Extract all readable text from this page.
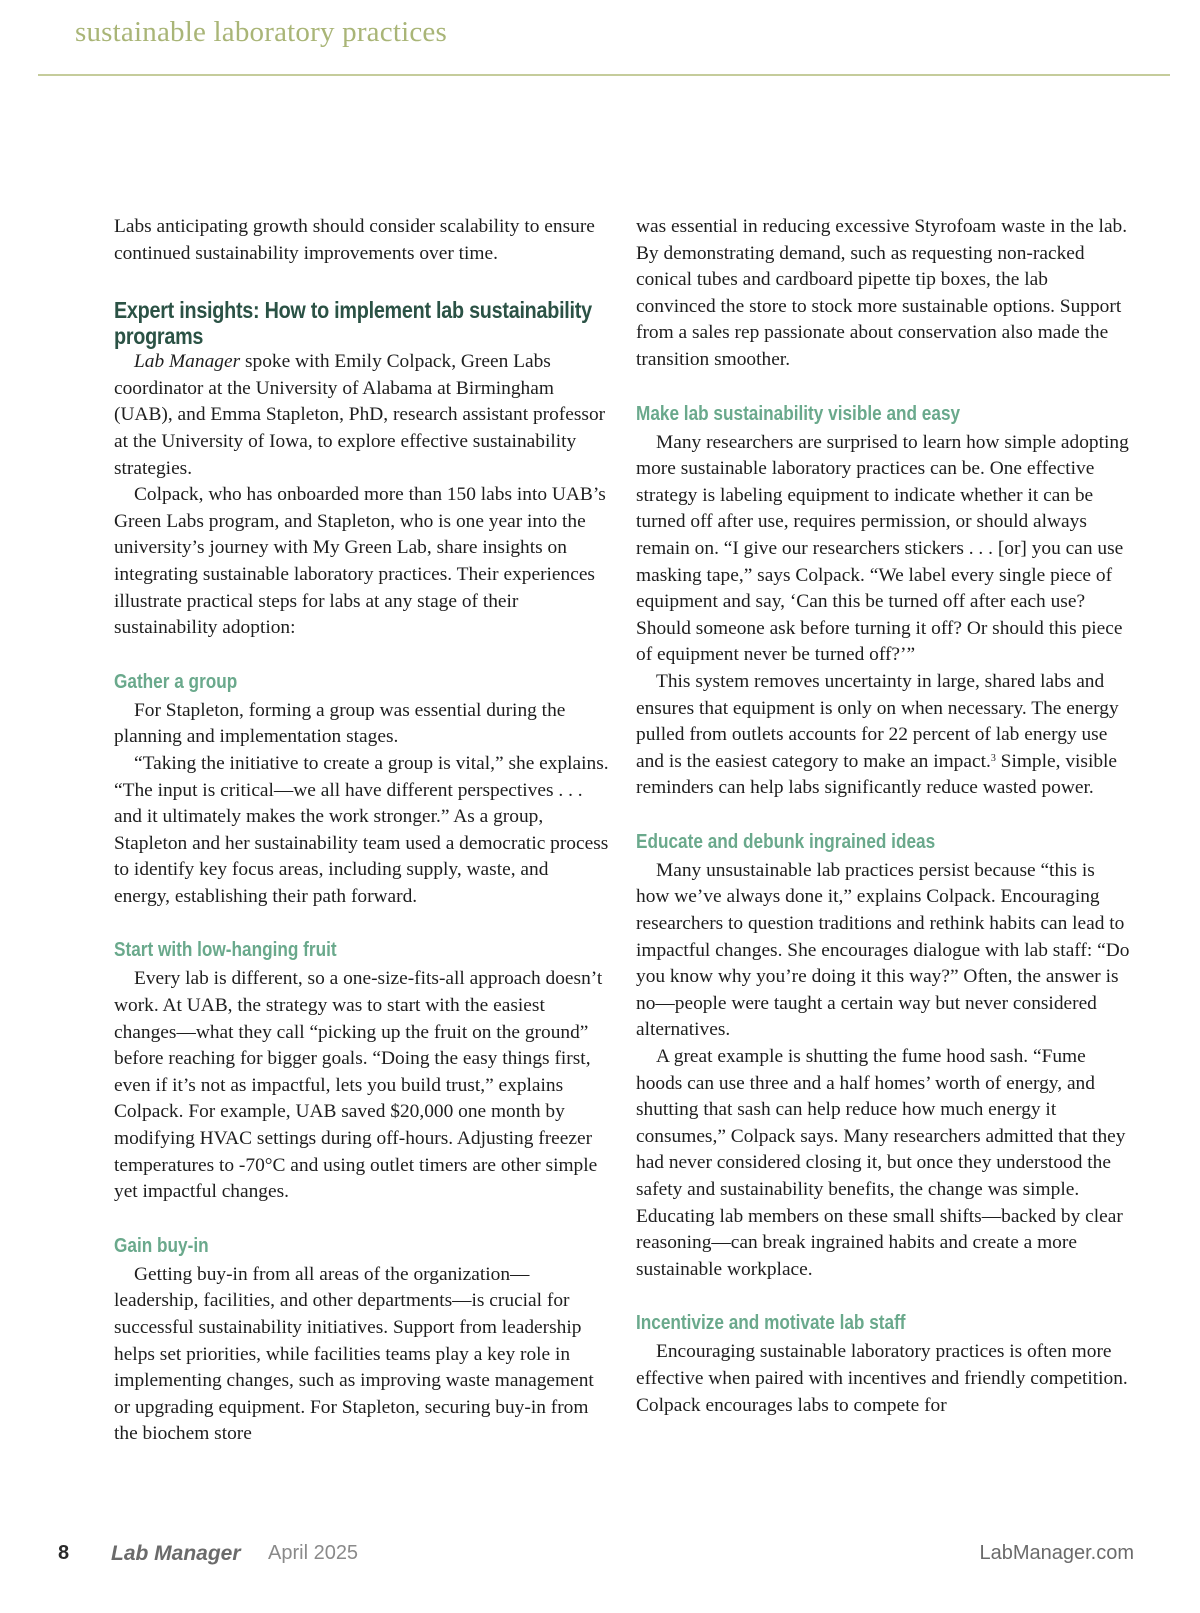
sustainable laboratory practices

Labs anticipating growth should consider scalability to ensure continued sustainability improvements over time.

Expert insights: How to implement lab sustainability programs

Lab Manager spoke with Emily Colpack, Green Labs coordinator at the University of Alabama at Birmingham (UAB), and Emma Stapleton, PhD, research assistant professor at the University of Iowa, to explore effective sustainability strategies.

Colpack, who has onboarded more than 150 labs into UAB’s Green Labs program, and Stapleton, who is one year into the university’s journey with My Green Lab, share insights on integrating sustainable laboratory practices. Their experiences illustrate practical steps for labs at any stage of their sustainability adoption:

Gather a group

For Stapleton, forming a group was essential during the planning and implementation stages.

“Taking the initiative to create a group is vital,” she explains. “The input is critical—we all have different perspectives . . . and it ultimately makes the work stronger.” As a group, Stapleton and her sustainability team used a democratic process to identify key focus areas, including supply, waste, and energy, establishing their path forward.

Start with low-hanging fruit

Every lab is different, so a one-size-fits-all approach doesn’t work. At UAB, the strategy was to start with the easiest changes—what they call “picking up the fruit on the ground” before reaching for bigger goals. “Doing the easy things first, even if it’s not as impactful, lets you build trust,” explains Colpack. For example, UAB saved $20,000 one month by modifying HVAC settings during off-hours. Adjusting freezer temperatures to -70°C and using outlet timers are other simple yet impactful changes.

Gain buy-in

Getting buy-in from all areas of the organization—leadership, facilities, and other departments—is crucial for successful sustainability initiatives. Support from leadership helps set priorities, while facilities teams play a key role in implementing changes, such as improving waste management or upgrading equipment. For Stapleton, securing buy-in from the biochem store

was essential in reducing excessive Styrofoam waste in the lab. By demonstrating demand, such as requesting non-racked conical tubes and cardboard pipette tip boxes, the lab convinced the store to stock more sustainable options. Support from a sales rep passionate about conservation also made the transition smoother.

Make lab sustainability visible and easy

Many researchers are surprised to learn how simple adopting more sustainable laboratory practices can be. One effective strategy is labeling equipment to indicate whether it can be turned off after use, requires permission, or should always remain on. “I give our researchers stickers . . . [or] you can use masking tape,” says Colpack. “We label every single piece of equipment and say, ‘Can this be turned off after each use? Should someone ask before turning it off? Or should this piece of equipment never be turned off?’”

This system removes uncertainty in large, shared labs and ensures that equipment is only on when necessary. The energy pulled from outlets accounts for 22 percent of lab energy use and is the easiest category to make an impact.$^3$ Simple, visible reminders can help labs significantly reduce wasted power.

Educate and debunk ingrained ideas

Many unsustainable lab practices persist because “this is how we’ve always done it,” explains Colpack. Encouraging researchers to question traditions and rethink habits can lead to impactful changes. She encourages dialogue with lab staff: “Do you know why you’re doing it this way?” Often, the answer is no—people were taught a certain way but never considered alternatives.

A great example is shutting the fume hood sash. “Fume hoods can use three and a half homes’ worth of energy, and shutting that sash can help reduce how much energy it consumes,” Colpack says. Many researchers admitted that they had never considered closing it, but once they understood the safety and sustainability benefits, the change was simple. Educating lab members on these small shifts—backed by clear reasoning—can break ingrained habits and create a more sustainable workplace.

Incentivize and motivate lab staff

Encouraging sustainable laboratory practices is often more effective when paired with incentives and friendly competition. Colpack encourages labs to compete for

8 Lab Manager April 2025	LabManager.com
